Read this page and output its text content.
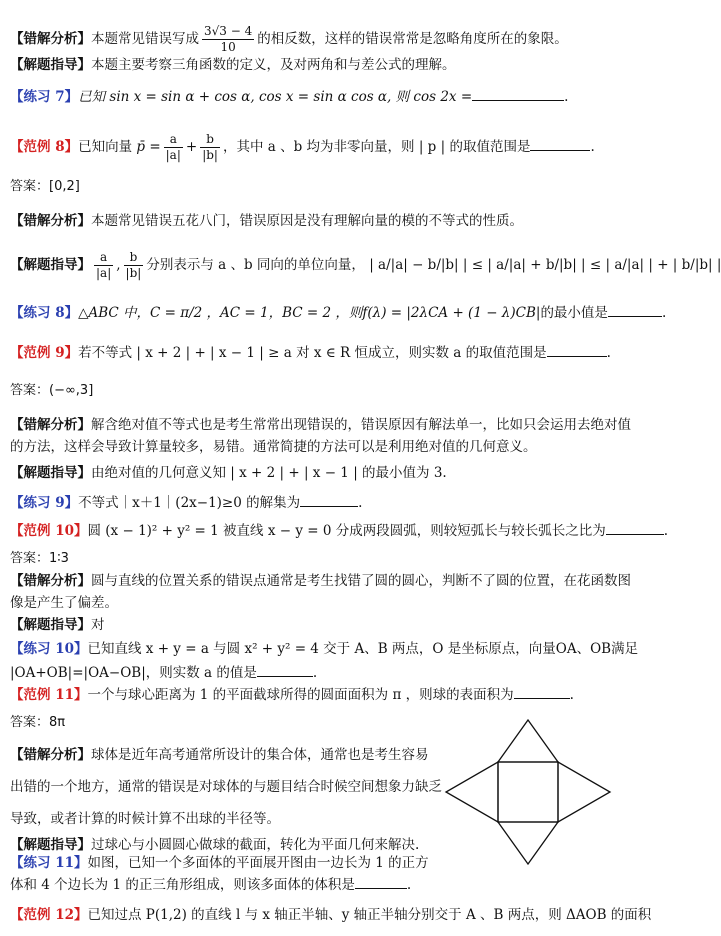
【错解分析】本题常见错误写成 $\frac{3√3 - 4}{10}$ 的相反数，这样的错误常常是忽略角度所在的象限。
【解题指导】本题主要考察三角函数的定义，及对两角和与差公式的理解。
【练习 7】已知 sin x = sin α + cos α, cos x = sin α cos α, 则 cos 2x =	.
【范例 8】已知向量 p̄ = $\frac{a}{|a|} + \frac{b}{|b|}$ ，其中 a 、b 均为非零向量，则 | p | 的取值范围是	.
答案：[0,2]
【错解分析】本题常见错误五花八门，错误原因是没有理解向量的模的不等式的性质。
【解题指导】 $\frac{a}{|a|}$ , $\frac{b}{|b|}$ 分别表示与 a 、b 同向的单位向量， | a/|a| − b/|b| | ≤ | a/|a| + b/|b| | ≤ | a/|a| | + | b/|b| |
【练习 8】△ABC 中，C = π/2 ，AC = 1，BC = 2 ，则f(λ) = |2λCA + (1 − λ)CB|的最小值是	.
【范例 9】若不等式 | x + 2 | + | x − 1 | ≥ a 对 x ∈ R 恒成立，则实数 a 的取值范围是	.
答案：(−∞,3]
【错解分析】解含绝对值不等式也是考生常常出现错误的，错误原因有解法单一，比如只会运用去绝对值
的方法，这样会导致计算量较多，易错。通常简捷的方法可以是利用绝对值的几何意义。
【解题指导】由绝对值的几何意义知 | x + 2 | + | x − 1 | 的最小值为 3.
【练习 9】不等式｜x＋1｜(2x−1)≥0 的解集为	.
【范例 10】圆 (x − 1)² + y² = 1 被直线 x − y = 0 分成两段圆弧，则较短弧长与较长弧长之比为	.
答案：1∶3
【错解分析】圆与直线的位置关系的错误点通常是考生找错了圆的圆心，判断不了圆的位置，在花函数图
像是产生了偏差。
【解题指导】对
【练习 10】已知直线 x + y = a 与圆 x² + y² = 4 交于 A、B 两点，O 是坐标原点，向量OA、OB满足
|OA+OB|=|OA−OB|，则实数 a 的值是	.
【范例 11】一个与球心距离为 1 的平面截球所得的圆面面积为 π ，则球的表面积为	.
答案：8π
【错解分析】球体是近年高考通常所设计的集合体，通常也是考生容易
出错的一个地方，通常的错误是对球体的与题目结合时候空间想象力缺乏
导致，或者计算的时候计算不出球的半径等。
【解题指导】过球心与小圆圆心做球的截面，转化为平面几何来解决.
【练习 11】如图，已知一个多面体的平面展开图由一边长为 1 的正方
体和 4 个边长为 1 的正三角形组成，则该多面体的体积是	.
【范例 12】已知过点 P(1,2) 的直线 l 与 x 轴正半轴、y 轴正半轴分别交于 A 、B 两点，则 ΔAOB 的面积
